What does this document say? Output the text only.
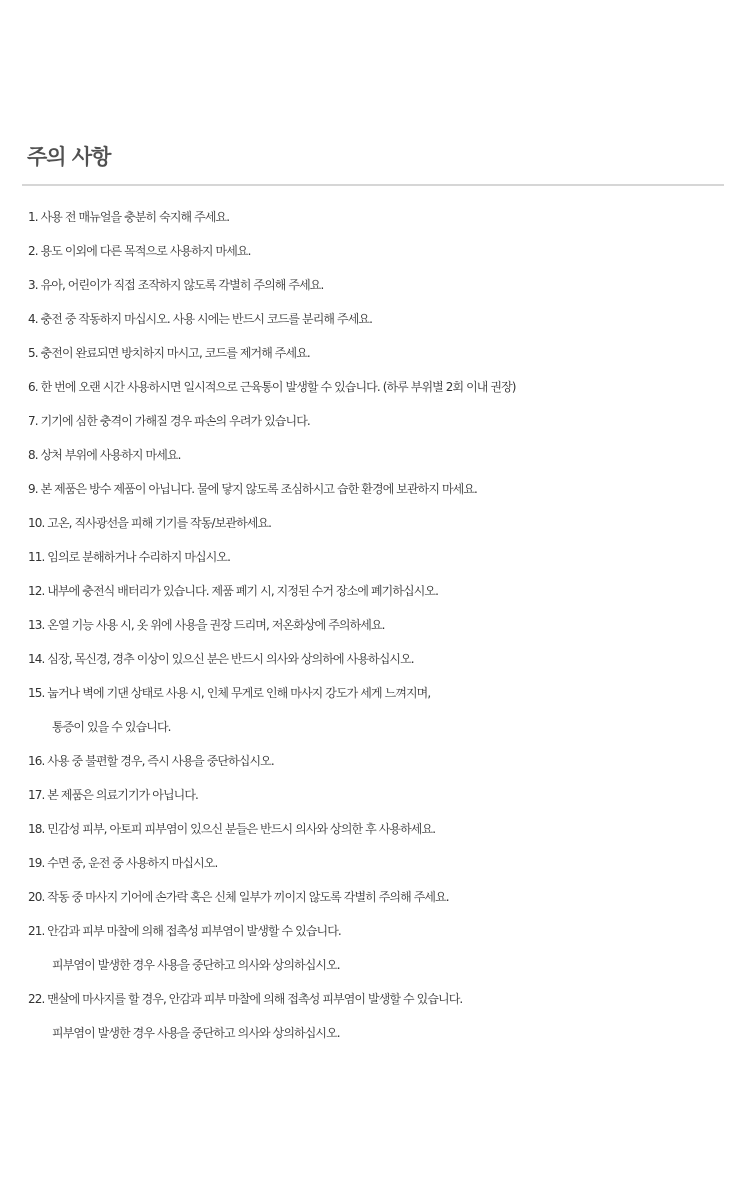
주의 사항
1. 사용 전 매뉴얼을 충분히 숙지해 주세요.
2. 용도 이외에 다른 목적으로 사용하지 마세요.
3. 유아, 어린이가 직접 조작하지 않도록 각별히 주의해 주세요.
4. 충전 중 작동하지 마십시오. 사용 시에는 반드시 코드를 분리해 주세요.
5. 충전이 완료되면 방치하지 마시고, 코드를 제거해 주세요.
6. 한 번에 오랜 시간 사용하시면 일시적으로 근육통이 발생할 수 있습니다. (하루 부위별 2회 이내 권장)
7. 기기에 심한 충격이 가해질 경우 파손의 우려가 있습니다.
8. 상처 부위에 사용하지 마세요.
9. 본 제품은 방수 제품이 아닙니다. 물에 닿지 않도록 조심하시고 습한 환경에 보관하지 마세요.
10. 고온, 직사광선을 피해 기기를 작동/보관하세요.
11. 임의로 분해하거나 수리하지 마십시오.
12. 내부에 충전식 배터리가 있습니다. 제품 폐기 시, 지정된 수거 장소에 폐기하십시오.
13. 온열 기능 사용 시, 옷 위에 사용을 권장 드리며, 저온화상에 주의하세요.
14. 심장, 목신경, 경추 이상이 있으신 분은 반드시 의사와 상의하에 사용하십시오.
15. 눕거나 벽에 기댄 상태로 사용 시, 인체 무게로 인해 마사지 강도가 세게 느껴지며,
통증이 있을 수 있습니다.
16. 사용 중 불편할 경우, 즉시 사용을 중단하십시오.
17. 본 제품은 의료기기가 아닙니다.
18. 민감성 피부, 아토피 피부염이 있으신 분들은 반드시 의사와 상의한 후 사용하세요.
19. 수면 중, 운전 중 사용하지 마십시오.
20. 작동 중 마사지 기어에 손가락 혹은 신체 일부가 끼이지 않도록 각별히 주의해 주세요.
21. 안감과 피부 마찰에 의해 접촉성 피부염이 발생할 수 있습니다.
피부염이 발생한 경우 사용을 중단하고 의사와 상의하십시오.
22. 맨살에 마사지를 할 경우, 안감과 피부 마찰에 의해 접촉성 피부염이 발생할 수 있습니다.
피부염이 발생한 경우 사용을 중단하고 의사와 상의하십시오.
